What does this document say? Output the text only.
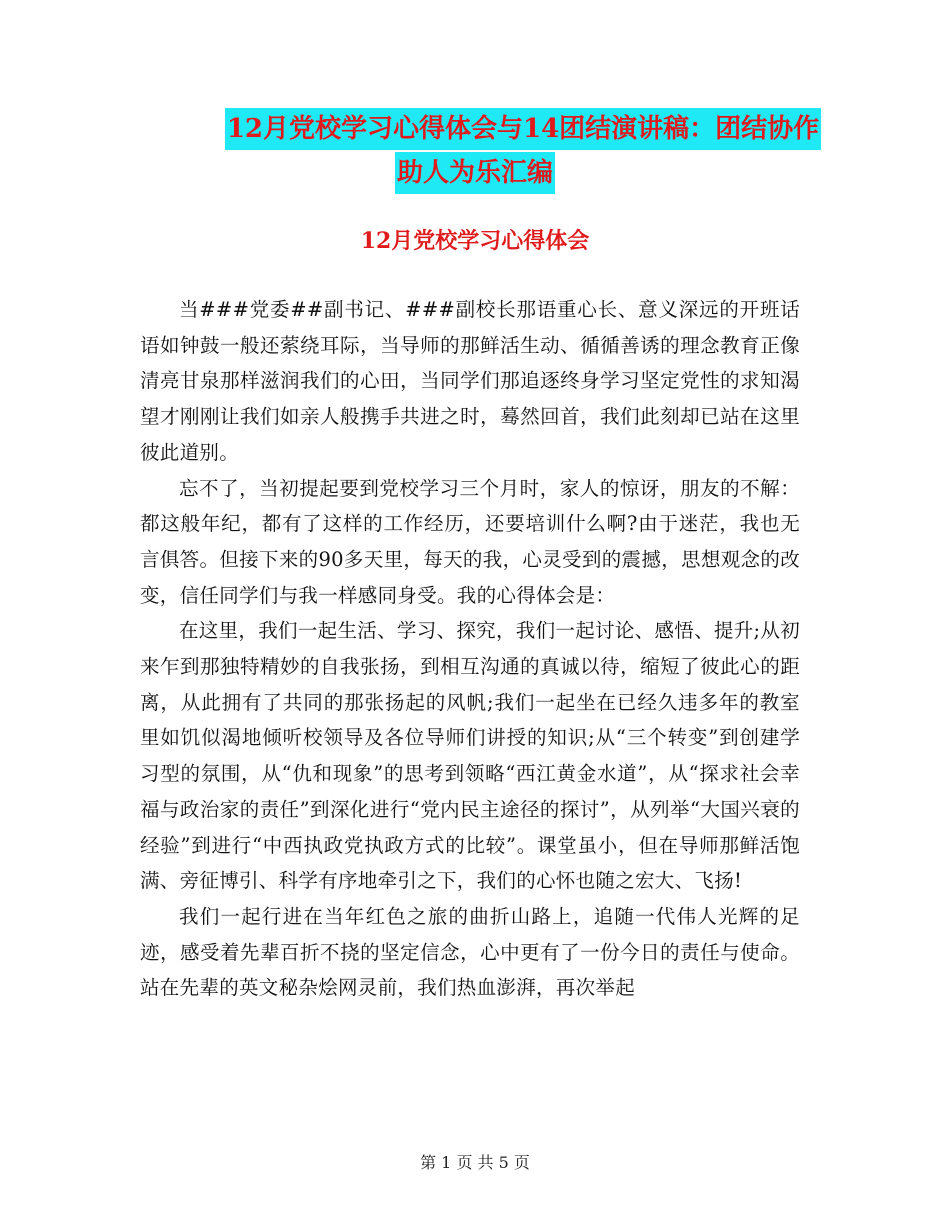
12月党校学习心得体会与14团结演讲稿：团结协作
助人为乐汇编
12月党校学习心得体会

当###党委##副书记、###副校长那语重心长、意义深远的开班话语如钟鼓一般还萦绕耳际，当导师的那鲜活生动、循循善诱的理念教育正像清亮甘泉那样滋润我们的心田，当同学们那追逐终身学习坚定党性的求知渴望才刚刚让我们如亲人般携手共进之时，蓦然回首，我们此刻却已站在这里彼此道别。

忘不了，当初提起要到党校学习三个月时，家人的惊讶，朋友的不解：都这般年纪，都有了这样的工作经历，还要培训什么啊?由于迷茫，我也无言俱答。但接下来的90多天里，每天的我，心灵受到的震撼，思想观念的改变，信任同学们与我一样感同身受。我的心得体会是：

在这里，我们一起生活、学习、探究，我们一起讨论、感悟、提升;从初来乍到那独特精妙的自我张扬，到相互沟通的真诚以待，缩短了彼此心的距离，从此拥有了共同的那张扬起的风帆;我们一起坐在已经久违多年的教室里如饥似渴地倾听校领导及各位导师们讲授的知识;从“三个转变”到创建学习型的氛围，从“仇和现象”的思考到领略“西江黄金水道”，从“探求社会幸福与政治家的责任”到深化进行“党内民主途径的探讨”，从列举“大国兴衰的经验”到进行“中西执政党执政方式的比较”。课堂虽小，但在导师那鲜活饱满、旁征博引、科学有序地牵引之下，我们的心怀也随之宏大、飞扬!

我们一起行进在当年红色之旅的曲折山路上，追随一代伟人光辉的足迹，感受着先辈百折不挠的坚定信念，心中更有了一份今日的责任与使命。站在先辈的英文秘杂烩网灵前，我们热血澎湃，再次举起

第 1 页 共 5 页
